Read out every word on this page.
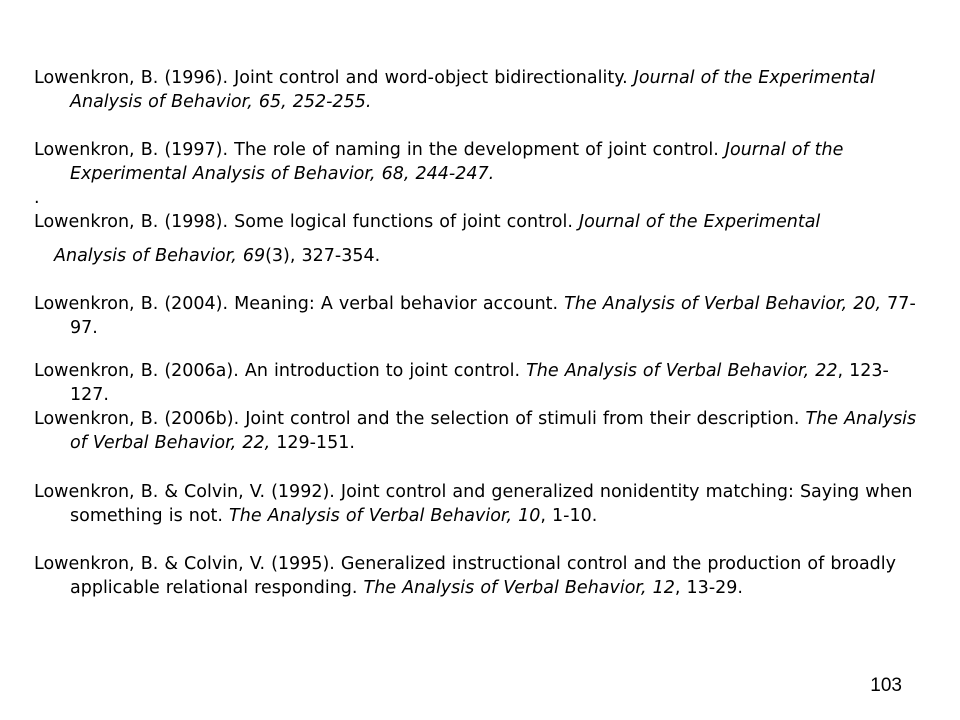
Lowenkron, B. (1996). Joint control and word-object bidirectionality. Journal of the Experimental Analysis of Behavior, 65, 252-255.
Lowenkron, B. (1997). The role of naming in the development of joint control. Journal of the Experimental Analysis of Behavior, 68, 244-247.
.
Lowenkron, B. (1998). Some logical functions of joint control. Journal of the Experimental
Analysis of Behavior, 69(3), 327-354.
Lowenkron, B. (2004). Meaning: A verbal behavior account. The Analysis of Verbal Behavior, 20, 77-97.
Lowenkron, B. (2006a). An introduction to joint control. The Analysis of Verbal Behavior, 22, 123-127.
Lowenkron, B. (2006b). Joint control and the selection of stimuli from their description. The Analysis of Verbal Behavior, 22, 129-151.
Lowenkron, B. & Colvin, V. (1992). Joint control and generalized nonidentity matching: Saying when something is not. The Analysis of Verbal Behavior, 10, 1-10.
Lowenkron, B. & Colvin, V. (1995). Generalized instructional control and the production of broadly applicable relational responding. The Analysis of Verbal Behavior, 12, 13-29.
103
